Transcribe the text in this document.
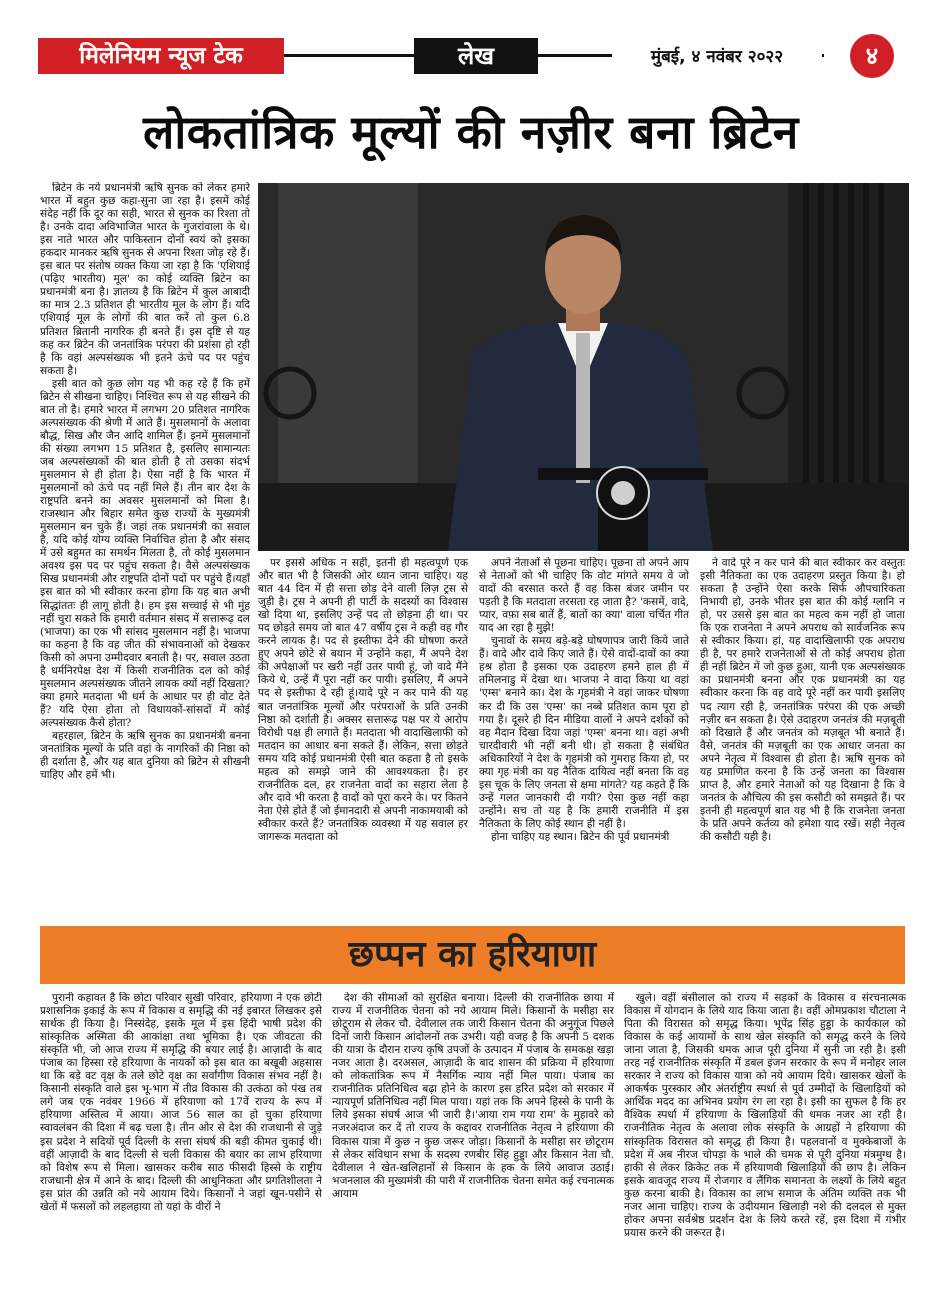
मिलेनियम न्यूज टेक	लेख	मुंबई, ४ नवंबर २०२२	४
लोकतांत्रिक मूल्यों की नज़ीर बना ब्रिटेन

ब्रिटेन के नये प्रधानमंत्री ऋषि सुनक को लेकर हमारे भारत में बहुत कुछ कहा-सुना जा रहा है। इसमें कोई संदेह नहीं कि दूर का सही, भारत से सुनक का रिश्ता तो है। उनके दादा अविभाजित भारत के गुजरांवाला के थे। इस नाते भारत और पाकिस्तान दोनों स्वयं को इसका हकदार मानकर ऋषि सुनक से अपना रिश्ता जोड़ रहे हैं। इस बात पर संतोष व्यक्त किया जा रहा है कि 'एशियाई (पढ़िए भारतीय) मूल' का कोई व्यक्ति ब्रिटेन का प्रधानमंत्री बना है। ज्ञातव्य है कि ब्रिटेन में कुल आबादी का मात्र 2.3 प्रतिशत ही भारतीय मूल के लोग हैं। यदि एशियाई मूल के लोगों की बात करें तो कुल 6.8 प्रतिशत ब्रितानी नागरिक ही बनते हैं। इस दृष्टि से यह कह कर ब्रिटेन की जनतांत्रिक परंपरा की प्रशंसा हो रही है कि वहां अल्पसंख्यक भी इतने ऊंचे पद पर पहुंच सकता है।

इसी बात को कुछ लोग यह भी कह रहे हैं कि हमें ब्रिटेन से सीखना चाहिए। निश्चित रूप से यह सीखने की बात तो है। हमारे भारत में लगभग 20 प्रतिशत नागरिक अल्पसंख्यक की श्रेणी में आते हैं। मुसलमानों के अलावा बौद्ध, सिख और जैन आदि शामिल हैं। इनमें मुसलमानों की संख्या लगभग 15 प्रतिशत है, इसलिए सामान्यतः जब अल्पसंख्यकों की बात होती है तो उसका संदर्भ मुसलमान से ही होता है। ऐसा नहीं है कि भारत में मुसलमानों को ऊंचे पद नहीं मिले हैं। तीन बार देश के राष्ट्रपति बनने का अवसर मुसलमानों को मिला है। राजस्थान और बिहार समेत कुछ राज्यों के मुख्यमंत्री मुसलमान बन चुके हैं। जहां तक प्रधानमंत्री का सवाल है, यदि कोई योग्य व्यक्ति निर्वाचित होता है और संसद में उसे बहुमत का समर्थन मिलता है, तो कोई मुसलमान अवश्य इस पद पर पहुंच सकता है। वैसे अल्पसंख्यक सिख प्रधानमंत्री और राष्ट्रपति दोनों पदों पर पहुंचे हैं।यहाँ इस बात को भी स्वीकार करना होगा कि यह बात अभी सिद्धांततः ही लागू होती है। हम इस सच्चाई से भी मुंह नहीं चुरा सकते कि हमारी वर्तमान संसद में सत्तारूढ़ दल (भाजपा) का एक भी सांसद मुसलमान नहीं है। भाजपा का कहना है कि वह जीत की संभावनाओं को देखकर किसी को अपना उम्मीदवार बनाती है। पर, सवाल उठता है धर्मनिरपेक्ष देश में किसी राजनीतिक दल को कोई मुसलमान अल्पसंख्यक जीतने लायक क्यों नहीं दिखता? क्या हमारे मतदाता भी धर्म के आधार पर ही वोट देते हैं? यदि ऐसा होता तो विधायकों-सांसदों में कोई अल्पसंख्यक कैसे होता?

बहरहाल, ब्रिटेन के ऋषि सुनक का प्रधानमंत्री बनना जनतांत्रिक मूल्यों के प्रति वहां के नागरिकों की निष्ठा को ही दर्शाता है, और यह बात दुनिया को ब्रिटेन से सीखनी चाहिए और हमें भी।

पर इससे अधिक न सही, इतनी ही महत्वपूर्ण एक और बात भी है जिसकी ओर ध्यान जाना चाहिए। यह बात 44 दिन में ही सत्ता छोड़ देने वाली लिज़ ट्रस से जुड़ी है। ट्रस ने अपनी ही पार्टी के सदस्यों का विश्वास खो दिया था, इसलिए उन्हें पद तो छोड़ना ही था। पर पद छोड़ते समय जो बात 47 वर्षीय ट्रस ने कही वह गौर करने लायक है। पद से इस्तीफा देने की घोषणा करते हुए अपने छोटे से बयान में उन्होंने कहा, मैं अपने देश की अपेक्षाओं पर खरी नहीं उतर पायी हूं, जो वादे मैंने किये थे, उन्हें मैं पूरा नहीं कर पायी। इसलिए, मैं अपने पद से इस्तीफा दे रही हूं।यादे पूरे न कर पाने की यह बात जनतांत्रिक मूल्यों और परंपराओं के प्रति उनकी निष्ठा को दर्शाती है। अक्सर सत्तारूढ़ पक्ष पर ये आरोप विरोधी पक्ष ही लगाते हैं। मतदाता भी वादाखिलाफी को मतदान का आधार बना सकते हैं। लेकिन, सत्ता छोड़ते समय यदि कोई प्रधानमंत्री ऐसी बात कहता है तो इसके महत्व को समझे जाने की आवश्यकता है। हर राजनीतिक दल, हर राजनेता वादों का सहारा लेता है और दावे भी करता है वादों को पूरा करने के। पर कितने नेता ऐसे होते हैं जो ईमानदारी से अपनी नाकामयाबी को स्वीकार करते हैं? जनतांत्रिक व्यवस्था में यह सवाल हर जागरूक मतदाता को

अपने नेताओं से पूछना चाहिए। पूछना तो अपने आप से नेताओं को भी चाहिए कि वोट मांगते समय वे जो वादों की बरसात करते हैं वह किस बंजर जमीन पर पड़ती है कि मतदाता तरसता रह जाता है? 'कसमें, वादे, प्यार, वफ़ा सब बातें हैं, बातों का क्या' वाला चर्चित गीत याद आ रहा है मुझे!

चुनावों के समय बड़े-बड़े घोषणापत्र जारी किये जाते हैं। वादे और दावे किए जाते हैं। ऐसे वादों-दावों का क्या हश्र होता है इसका एक उदाहरण हमने हाल ही में तमिलनाडु में देखा था। भाजपा ने वादा किया था वहां 'एम्स' बनाने का। देश के गृहमंत्री ने वहां जाकर घोषणा कर दी कि उस 'एम्स' का नब्बे प्रतिशत काम पूरा हो गया है। दूसरे ही दिन मीडिया वालों ने अपने दर्शकों को वह मैदान दिखा दिया जहां 'एम्स' बनना था। वहां अभी चारदीवारी भी नहीं बनी थी। हो सकता है संबंधित अधिकारियों ने देश के गृहमंत्री को गुमराह किया हो, पर क्या गृह मंत्री का यह नैतिक दायित्व नहीं बनता कि वह इस चूक के लिए जनता से क्षमा मांगते? यह कहते हैं कि उन्हें गलत जानकारी दी गयी? ऐसा कुछ नहीं कहा उन्होंने। सच तो यह है कि हमारी राजनीति में इस नैतिकता के लिए कोई स्थान ही नहीं है।

होना चाहिए यह स्थान। ब्रिटेन की पूर्व प्रधानमंत्री

ने वादे पूरे न कर पाने की बात स्वीकार कर वस्तुतः इसी नैतिकता का एक उदाहरण प्रस्तुत किया है। हो सकता है उन्होंने ऐसा करके सिर्फ औपचारिकता निभायी हो, उनके भीतर इस बात की कोई ग्लानि न हो, पर उससे इस बात का महत्व कम नहीं हो जाता कि एक राजनेता ने अपने अपराध को सार्वजनिक रूप से स्वीकार किया। हां, यह वादाखिलाफी एक अपराध ही है, पर हमारे राजनेताओं से तो कोई अपराध होता ही नहीं ब्रिटेन में जो कुछ हुआ, यानी एक अल्पसंख्यक का प्रधानमंत्री बनना और एक प्रधानमंत्री का यह स्वीकार करना कि वह वादे पूरे नहीं कर पायी इसलिए पद त्याग रही है, जनतांत्रिक परंपरा की एक अच्छी नज़ीर बन सकता है। ऐसे उदाहरण जनतंत्र की मज़बूती को दिखाते हैं और जनतंत्र को मज़बूत भी बनाते हैं। वैसे, जनतंत्र की मज़बूती का एक आधार जनता का अपने नेतृत्व में विश्वास ही होता है। ऋषि सुनक को यह प्रमाणित करना है कि उन्हें जनता का विश्वास प्राप्त है, और हमारे नेताओं को यह दिखाना है कि वे जनतंत्र के औचित्य की इस कसौटी को समझते हैं। पर इतनी ही महत्वपूर्ण बात यह भी है कि राजनेता जनता के प्रति अपने कर्तव्य को हमेशा याद रखें। सही नेतृत्व की कसौटी यही है।

छप्पन का हरियाणा

पुरानी कहावत है कि छोटा परिवार सुखी परिवार, हरियाणा ने एक छोटी प्रशासनिक इकाई के रूप में विकास व समृद्धि की नई इबारत लिखकर इसे सार्थक ही किया है। निस्संदेह, इसके मूल में इस हिंदी भाषी प्रदेश की सांस्कृतिक अस्मिता की आकांक्षा तथा भूमिका है। एक जीवटता की संस्कृति भी, जो आज राज्य में समृद्धि की बयार लाई है। आज़ादी के बाद पंजाब का हिस्सा रहे हरियाणा के नायकों को इस बात का बखूबी अहसास था कि बड़े वट वृक्ष के तले छोटे वृक्ष का सर्वांगीण विकास संभव नहीं है। किसानी संस्कृति वाले इस भू-भाग में तीव्र विकास की उत्कंठा को पंख तब लगे जब एक नवंबर 1966 में हरियाणा को 17वें राज्य के रूप में हरियाणा अस्तित्व में आया। आज 56 साल का हो चुका हरियाणा स्वावलंबन की दिशा में बढ़ चला है। तीन ओर से देश की राजधानी से जुड़े इस प्रदेश ने सदियों पूर्व दिल्ली के सत्ता संघर्ष की बड़ी कीमत चुकाई थी। वहीं आज़ादी के बाद दिल्ली से चली विकास की बयार का लाभ हरियाणा को विशेष रूप से मिला। खासकर करीब साठ फीसदी हिस्से के राष्ट्रीय राजधानी क्षेत्र में आने के बाद। दिल्ली की आधुनिकता और प्रगतिशीलता ने इस प्रांत की उन्नति को नये आयाम दिये। किसानों ने जहां खून-पसीने से खेतों में फसलों को लहलहाया तो यहां के वीरों ने

देश की सीमाओं को सुरक्षित बनाया। दिल्ली की राजनीतिक छाया में राज्य में राजनीतिक चेतना को नये आयाम मिले। किसानों के मसीहा सर छोटूराम से लेकर चौ. देवीलाल तक जारी किसान चेतना की अनुगूंज पिछले दिनों जारी किसान आंदोलनों तक उभरी। यही वजह है कि अपनी 5 दशक की यात्रा के दौरान राज्य कृषि उपजों के उत्पादन में पंजाब के समकक्ष खड़ा नजर आता है। दरअसल, आज़ादी के बाद शासन की प्रक्रिया में हरियाणा को लोकतांत्रिक रूप में नैसर्गिक न्याय नहीं मिल पाया। पंजाब का राजनीतिक प्रतिनिधित्व बढ़ा होने के कारण इस हरित प्रदेश को सरकार में न्यायपूर्ण प्रतिनिधित्व नहीं मिल पाया। यहां तक कि अपने हिस्से के पानी के लिये इसका संघर्ष आज भी जारी है।'आया राम गया राम' के मुहावरे को नजरअंदाज कर दें तो राज्य के कद्दावर राजनीतिक नेतृत्व ने हरियाणा की विकास यात्रा में कुछ न कुछ जरूर जोड़ा। किसानों के मसीहा सर छोटूराम से लेकर संविधान सभा के सदस्य रणबीर सिंह हुड्डा और किसान नेता चौ. देवीलाल ने खेत-खलिहानों से किसान के हक के लिये आवाज उठाई। भजनलाल की मुख्यमंत्री की पारी में राजनीतिक चेतना समेत कई रचनात्मक आयाम

खुले। वहीं बंसीलाल को राज्य में सड़कों के विकास व संरचनात्मक विकास में योगदान के लिये याद किया जाता है। वहीं ओमप्रकाश चौटाला ने पिता की विरासत को समृद्ध किया। भूपेंद्र सिंह हुड्डा के कार्यकाल को विकास के कई आयामों के साथ खेल संस्कृति को समृद्ध करने के लिये जाना जाता है, जिसकी धमक आज पूरी दुनिया में सुनी जा रही है। इसी तरह नई राजनीतिक संस्कृति में डबल इंजन सरकार के रूप में मनोहर लाल सरकार ने राज्य को विकास यात्रा को नये आयाम दिये। खासकर खेलों के आकर्षक पुरस्कार और अंतर्राष्ट्रीय स्पर्धा से पूर्व उम्मीदों के खिलाड़ियों को आर्थिक मदद का अभिनव प्रयोग रंग ला रहा है। इसी का सुफल है कि हर वैश्विक स्पर्धा में हरियाणा के खिलाड़ियों की धमक नजर आ रही है। राजनीतिक नेतृत्व के अलावा लोक संस्कृति के आग्रहों ने हरियाणा की सांस्कृतिक विरासत को समृद्ध ही किया है। पहलवानों व मुक्केबाजों के प्रदेश में अब नीरज चोपड़ा के भाले की चमक से पूरी दुनिया मंत्रमुग्ध है। हाकी से लेकर क्रिकेट तक में हरियाणवी खिलाड़ियों की छाप है। लेकिन इसके बावजूद राज्य में रोजगार व लैंगिक समानता के लक्ष्यों के लिये बहुत कुछ करना बाकी है। विकास का लाभ समाज के अंतिम व्यक्ति तक भी नजर आना चाहिए। राज्य के उदीयमान खिलाड़ी नशे की दलदल से मुक्त होकर अपना सर्वश्रेष्ठ प्रदर्शन देश के लिये करते रहें, इस दिशा में गंभीर प्रयास करने की जरूरत है।
